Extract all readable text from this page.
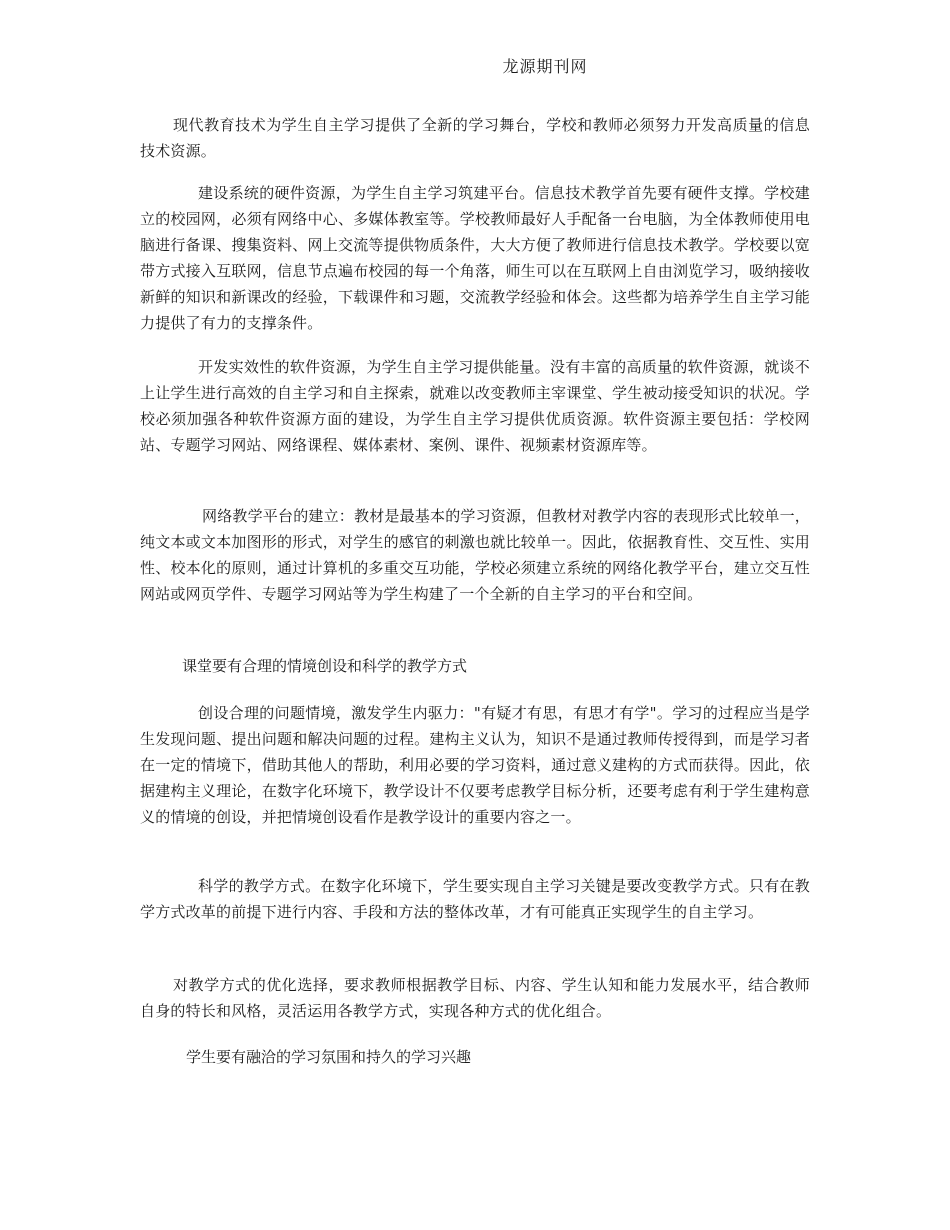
龙源期刊网

现代教育技术为学生自主学习提供了全新的学习舞台，学校和教师必须努力开发高质量的信息技术资源。

建设系统的硬件资源，为学生自主学习筑建平台。信息技术教学首先要有硬件支撑。学校建立的校园网，必须有网络中心、多媒体教室等。学校教师最好人手配备一台电脑，为全体教师使用电脑进行备课、搜集资料、网上交流等提供物质条件，大大方便了教师进行信息技术教学。学校要以宽带方式接入互联网，信息节点遍布校园的每一个角落，师生可以在互联网上自由浏览学习，吸纳接收新鲜的知识和新课改的经验，下载课件和习题，交流教学经验和体会。这些都为培养学生自主学习能力提供了有力的支撑条件。

开发实效性的软件资源，为学生自主学习提供能量。没有丰富的高质量的软件资源，就谈不上让学生进行高效的自主学习和自主探索，就难以改变教师主宰课堂、学生被动接受知识的状况。学校必须加强各种软件资源方面的建设，为学生自主学习提供优质资源。软件资源主要包括：学校网站、专题学习网站、网络课程、媒体素材、案例、课件、视频素材资源库等。

网络教学平台的建立：教材是最基本的学习资源，但教材对教学内容的表现形式比较单一，纯文本或文本加图形的形式，对学生的感官的刺激也就比较单一。因此，依据教育性、交互性、实用性、校本化的原则，通过计算机的多重交互功能，学校必须建立系统的网络化教学平台，建立交互性网站或网页学件、专题学习网站等为学生构建了一个全新的自主学习的平台和空间。

课堂要有合理的情境创设和科学的教学方式

创设合理的问题情境，激发学生内驱力："有疑才有思，有思才有学"。学习的过程应当是学生发现问题、提出问题和解决问题的过程。建构主义认为，知识不是通过教师传授得到，而是学习者在一定的情境下，借助其他人的帮助，利用必要的学习资料，通过意义建构的方式而获得。因此，依据建构主义理论，在数字化环境下，教学设计不仅要考虑教学目标分析，还要考虑有利于学生建构意义的情境的创设，并把情境创设看作是教学设计的重要内容之一。

科学的教学方式。在数字化环境下，学生要实现自主学习关键是要改变教学方式。只有在教学方式改革的前提下进行内容、手段和方法的整体改革，才有可能真正实现学生的自主学习。

对教学方式的优化选择，要求教师根据教学目标、内容、学生认知和能力发展水平，结合教师自身的特长和风格，灵活运用各教学方式，实现各种方式的优化组合。

学生要有融洽的学习氛围和持久的学习兴趣
